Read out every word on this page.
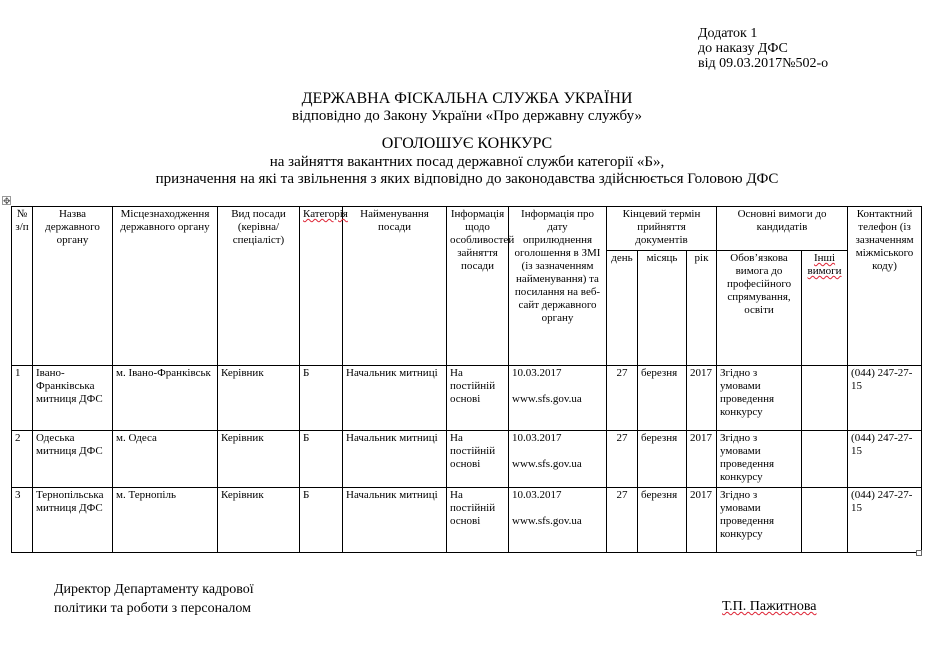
Додаток 1
до наказу ДФС
від 09.03.2017№502-о
ДЕРЖАВНА ФІСКАЛЬНА СЛУЖБА УКРАЇНИ
відповідно до Закону України «Про державну службу»
ОГОЛОШУЄ КОНКУРС
на зайняття вакантних посад державної служби категорії «Б»,
призначення на які та звільнення з яких відповідно до законодавства здійснюється Головою ДФС
✥
№ з/п	Назва державного органу	Місцезнаходження державного органу	Вид посади (керівна/спеціаліст)	Категорія	Найменування посади	Інформація щодо особливостей зайняття посади	Інформація про дату оприлюднення оголошення в ЗМІ (із зазначенням найменування) та посилання на веб-сайт державного органу	Кінцевий термін прийняття документів	Основні вимоги до кандидатів	Контактний телефон (із зазначенням міжміського коду)
день	місяць	рік	Обов’язкова вимога до професійного спрямування, освіти	Інші вимоги
1	Івано-Франківська митниця ДФС	м. Івано-Франківськ	Керівник	Б	Начальник митниці	На постійній основі	
10.03.2017
www.sfs.gov.ua
	27	березня	2017	Згідно з умовами проведення конкурсу		(044) 247-27-15
2	Одеська митниця ДФС	м. Одеса	Керівник	Б	Начальник митниці	На постійній основі	
10.03.2017
www.sfs.gov.ua
	27	березня	2017	Згідно з умовами проведення конкурсу		(044) 247-27-15
3	Тернопільська митниця ДФС	м. Тернопіль	Керівник	Б	Начальник митниці	На постійній основі	
10.03.2017
www.sfs.gov.ua
	27	березня	2017	Згідно з умовами проведення конкурсу		(044) 247-27-15
Директор Департаменту кадрової
політики та роботи з персоналом	Т.П. Пажитнова
